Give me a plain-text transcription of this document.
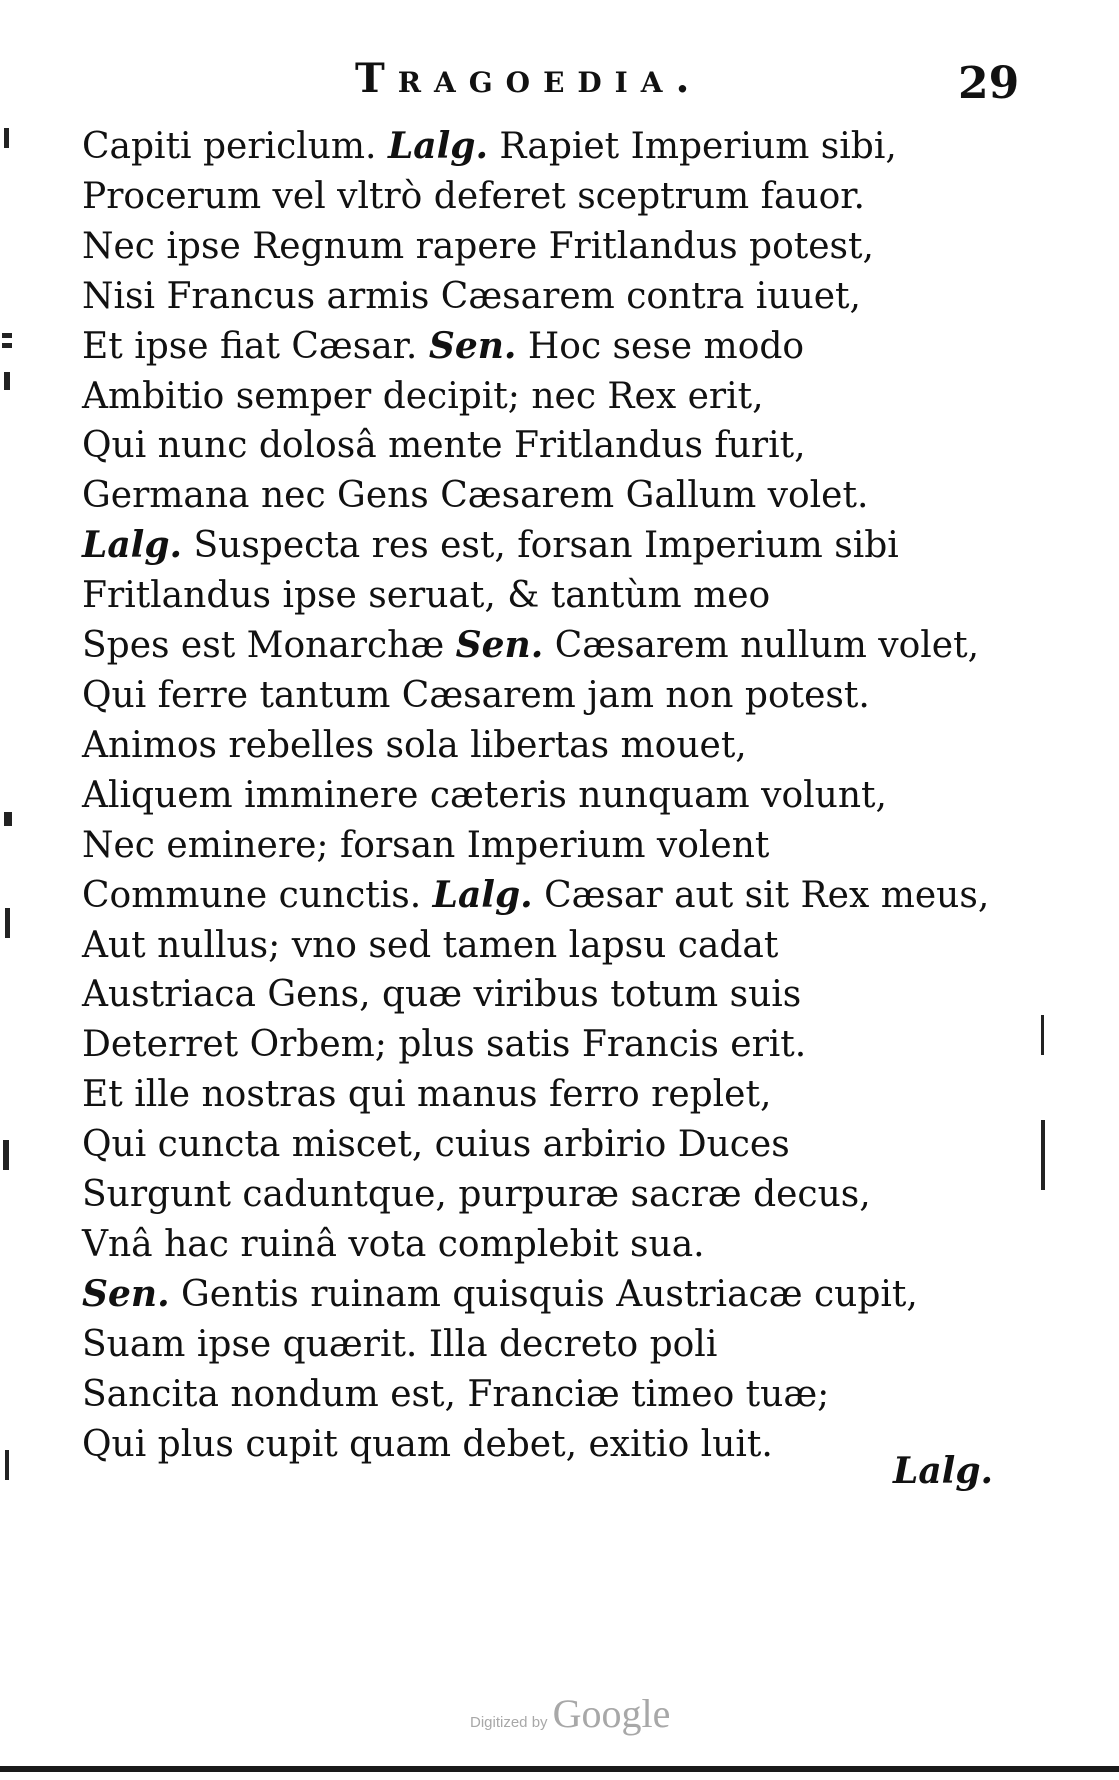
Tragoedia.	29
Capiti periclum. Lalg. Rapiet Imperium sibi,
Procerum vel vltrò deferet sceptrum fauor.
Nec ipse Regnum rapere Fritlandus potest,
Nisi Francus armis Cæsarem contra iuuet,
Et ipse fiat Cæsar. Sen. Hoc sese modo
Ambitio semper decipit; nec Rex erit,
Qui nunc dolosâ mente Fritlandus furit,
Germana nec Gens Cæsarem Gallum volet.
Lalg. Suspecta res est, forsan Imperium sibi
Fritlandus ipse seruat, & tantùm meo
Spes est Monarchæ Sen. Cæsarem nullum volet,
Qui ferre tantum Cæsarem jam non potest.
Animos rebelles sola libertas mouet,
Aliquem imminere cæteris nunquam volunt,
Nec eminere; forsan Imperium volent
Commune cunctis. Lalg. Cæsar aut sit Rex meus,
Aut nullus; vno sed tamen lapsu cadat
Austriaca Gens, quæ viribus totum suis
Deterret Orbem; plus satis Francis erit.
Et ille nostras qui manus ferro replet,
Qui cuncta miscet, cuius arbirio Duces
Surgunt caduntque, purpuræ sacræ decus,
Vnâ hac ruinâ vota complebit sua.
Sen. Gentis ruinam quisquis Austriacæ cupit,
Suam ipse quærit. Illa decreto poli
Sancita nondum est, Franciæ timeo tuæ;
Qui plus cupit quam debet, exitio luit.
Lalg.
Digitized by Google
